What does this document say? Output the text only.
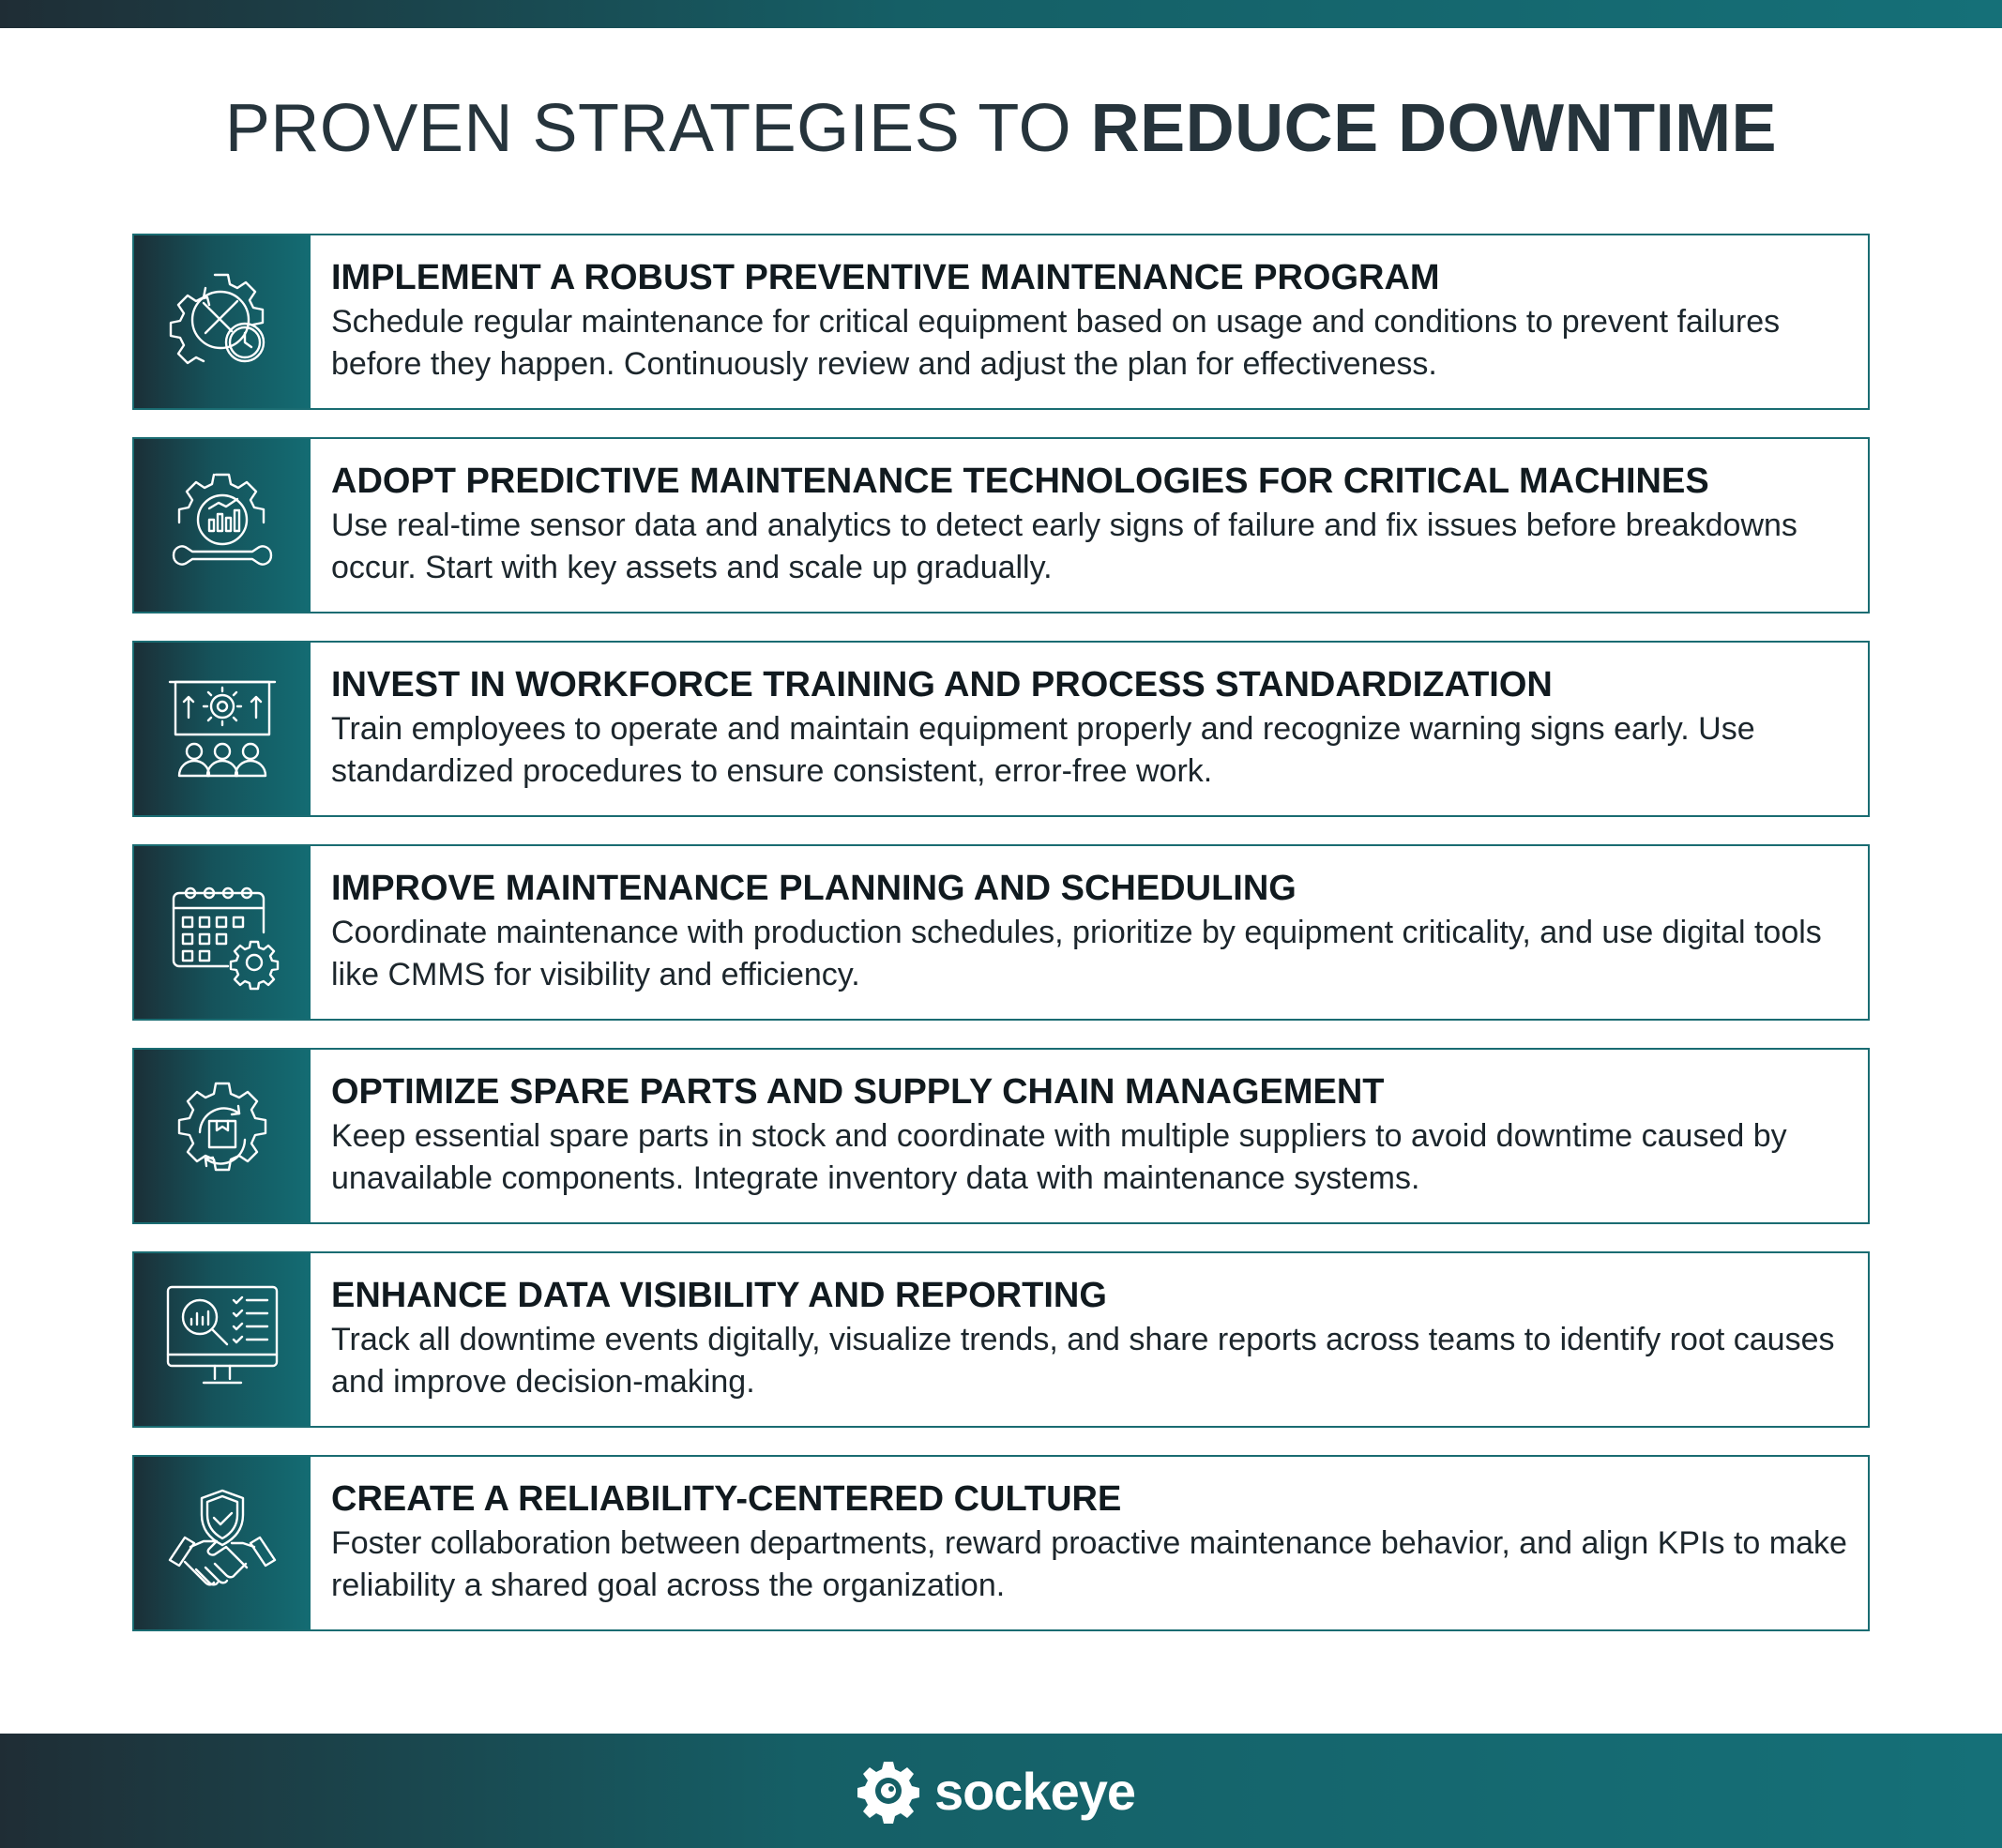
PROVEN STRATEGIES TO REDUCE DOWNTIME
IMPLEMENT A ROBUST PREVENTIVE MAINTENANCE PROGRAM

Schedule regular maintenance for critical equipment based on usage and conditions to prevent failures before they happen. Continuously review and adjust the plan for effectiveness.

ADOPT PREDICTIVE MAINTENANCE TECHNOLOGIES FOR CRITICAL MACHINES

Use real-time sensor data and analytics to detect early signs of failure and fix issues before breakdowns occur. Start with key assets and scale up gradually.

INVEST IN WORKFORCE TRAINING AND PROCESS STANDARDIZATION

Train employees to operate and maintain equipment properly and recognize warning signs early. Use standardized procedures to ensure consistent, error-free work.

IMPROVE MAINTENANCE PLANNING AND SCHEDULING

Coordinate maintenance with production schedules, prioritize by equipment criticality, and use digital tools like CMMS for visibility and efficiency.

OPTIMIZE SPARE PARTS AND SUPPLY CHAIN MANAGEMENT

Keep essential spare parts in stock and coordinate with multiple suppliers to avoid downtime caused by unavailable components. Integrate inventory data with maintenance systems.

ENHANCE DATA VISIBILITY AND REPORTING

Track all downtime events digitally, visualize trends, and share reports across teams to identify root causes and improve decision-making.

CREATE A RELIABILITY-CENTERED CULTURE

Foster collaboration between departments, reward proactive maintenance behavior, and align KPIs to make reliability a shared goal across the organization.

sockeye
